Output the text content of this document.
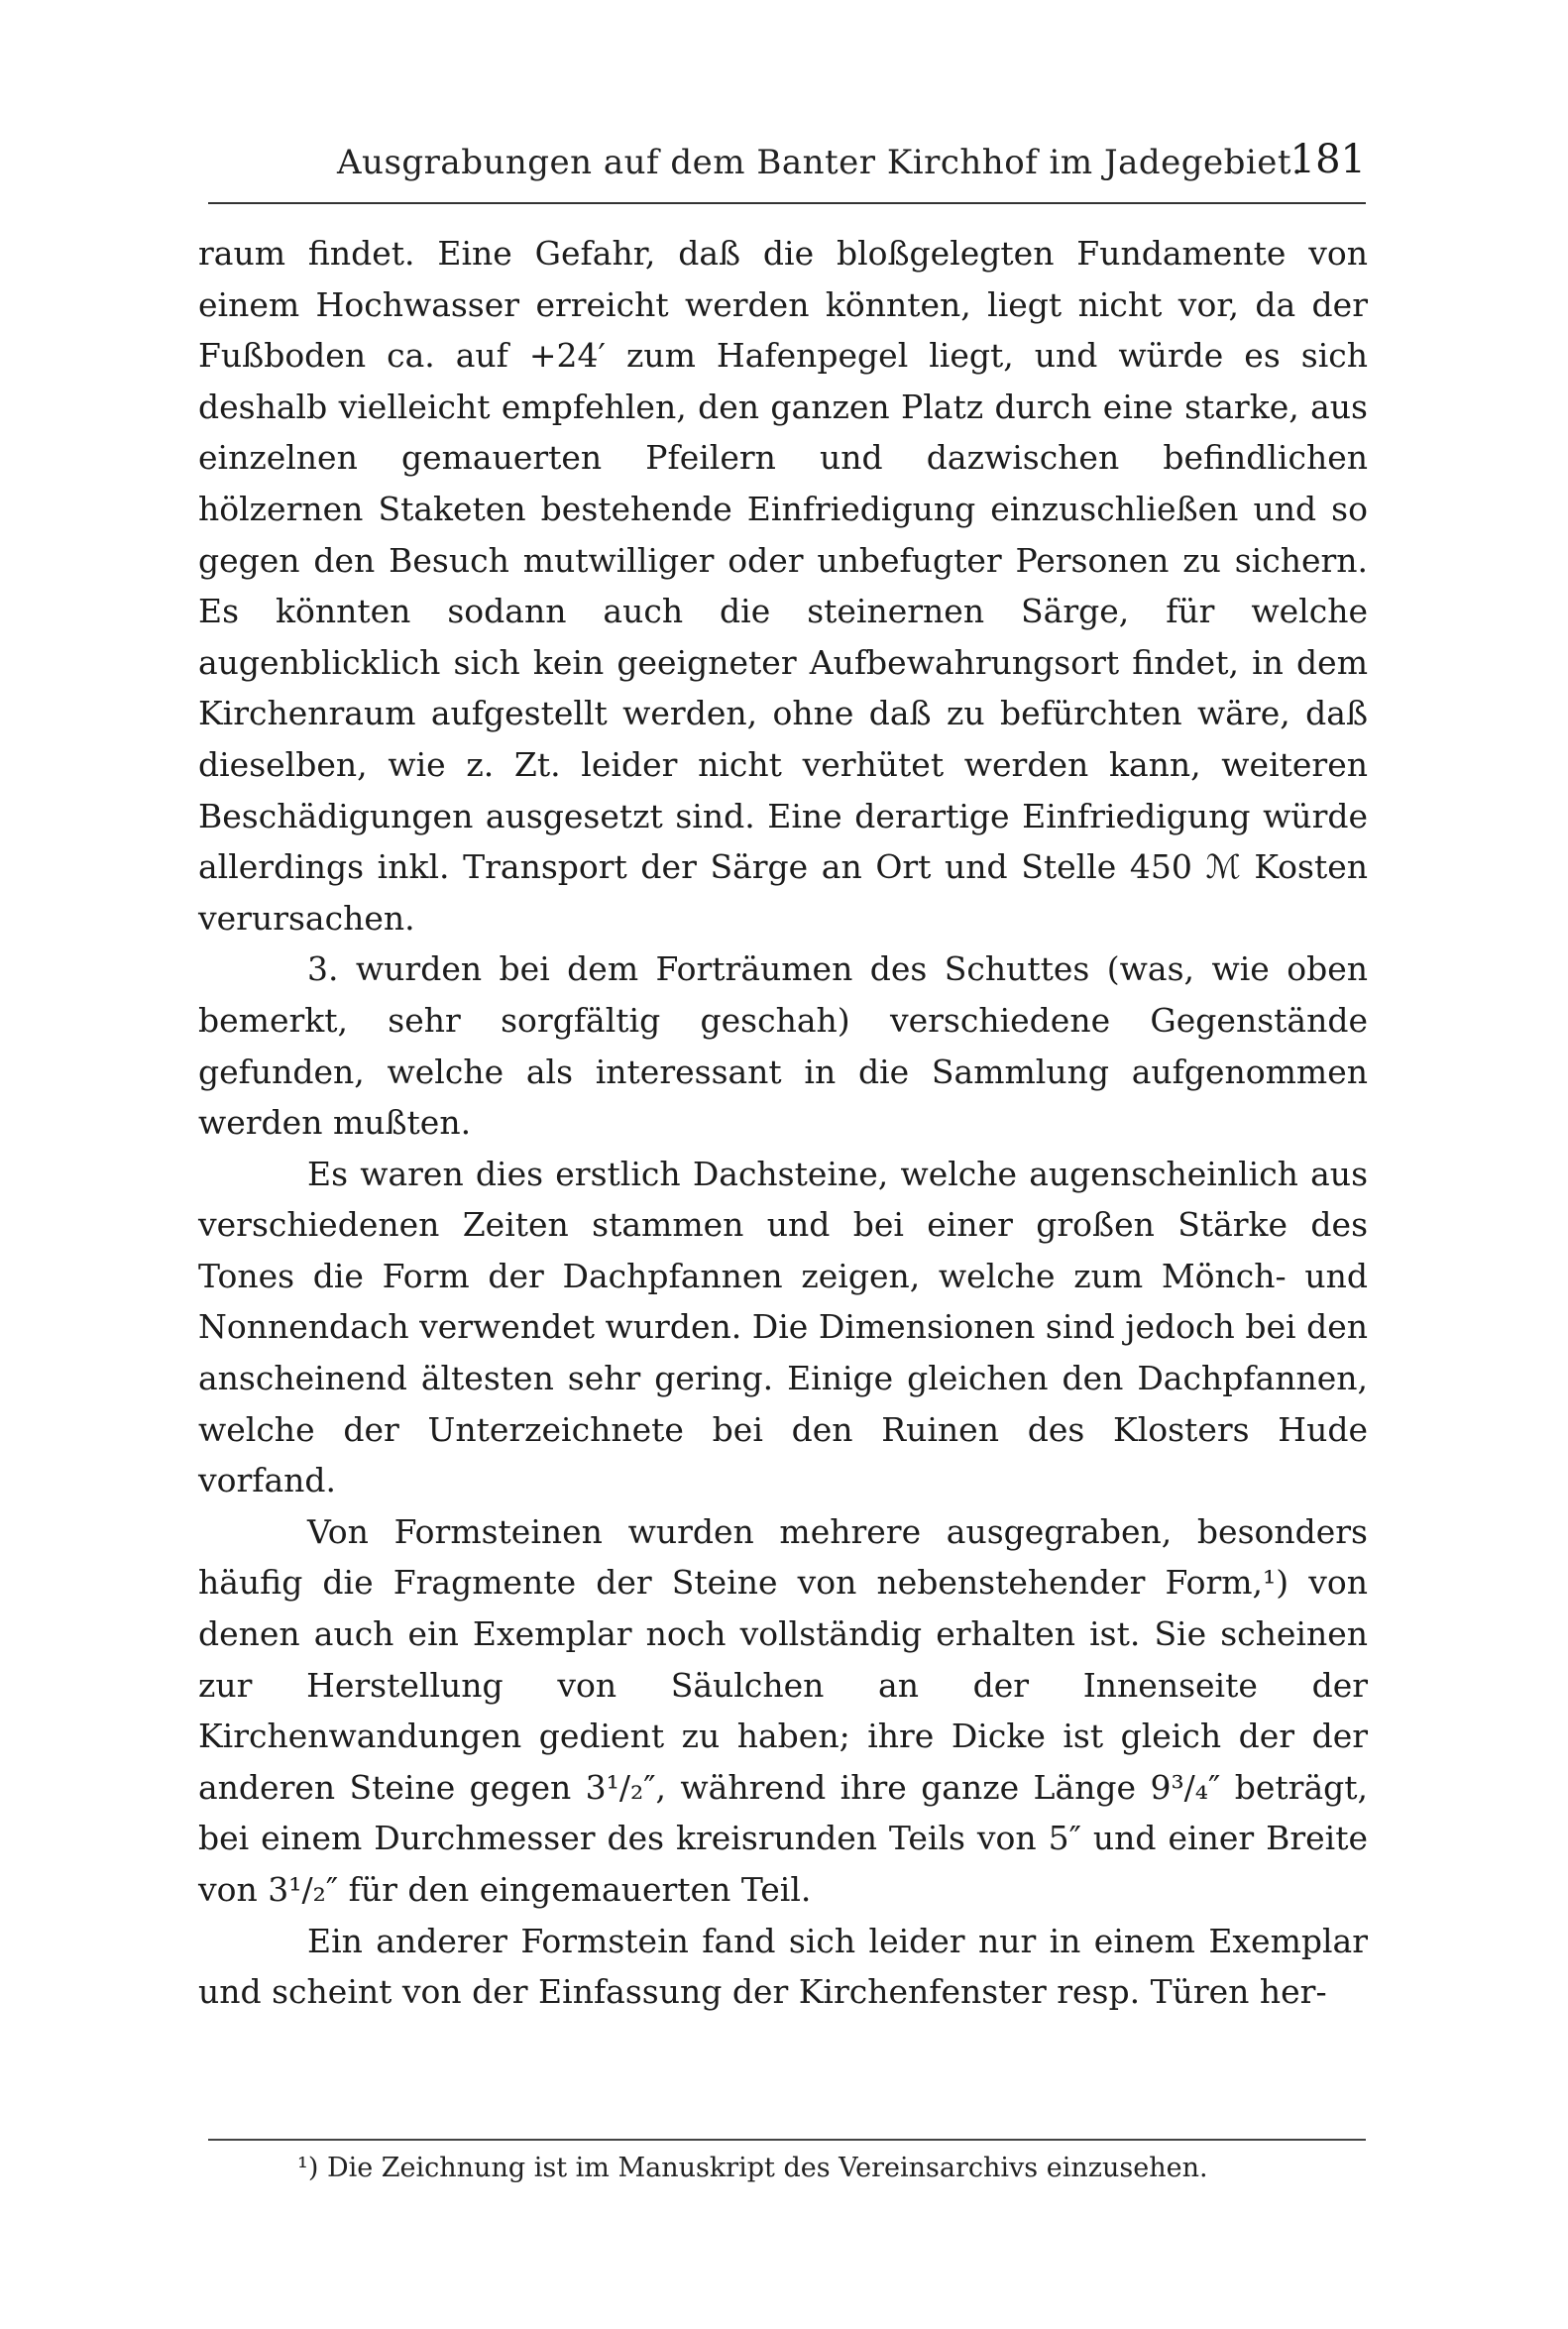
Ausgrabungen auf dem Banter Kirchhof im Jadegebiet.
181

raum findet. Eine Gefahr, daß die bloßgelegten Fundamente von einem Hochwasser erreicht werden könnten, liegt nicht vor, da der Fußboden ca. auf +24′ zum Hafenpegel liegt, und würde es sich deshalb vielleicht empfehlen, den ganzen Platz durch eine starke, aus einzelnen gemauerten Pfeilern und dazwischen befindlichen hölzernen Staketen bestehende Einfriedigung einzuschließen und so gegen den Besuch mutwilliger oder unbefugter Personen zu sichern. Es könnten sodann auch die steinernen Särge, für welche augenblicklich sich kein geeigneter Aufbewahrungsort findet, in dem Kirchenraum aufgestellt werden, ohne daß zu befürchten wäre, daß dieselben, wie z. Zt. leider nicht verhütet werden kann, weiteren Beschädigungen ausgesetzt sind. Eine derartige Einfriedigung würde allerdings inkl. Transport der Särge an Ort und Stelle 450 ℳ Kosten verursachen.

3. wurden bei dem Forträumen des Schuttes (was, wie oben bemerkt, sehr sorgfältig geschah) verschiedene Gegenstände gefunden, welche als interessant in die Sammlung aufgenommen werden mußten.

Es waren dies erstlich Dachsteine, welche augenscheinlich aus verschiedenen Zeiten stammen und bei einer großen Stärke des Tones die Form der Dachpfannen zeigen, welche zum Mönch- und Nonnendach verwendet wurden. Die Dimensionen sind jedoch bei den anscheinend ältesten sehr gering. Einige gleichen den Dachpfannen, welche der Unterzeichnete bei den Ruinen des Klosters Hude vorfand.

Von Formsteinen wurden mehrere ausgegraben, besonders häufig die Fragmente der Steine von nebenstehender Form,¹) von denen auch ein Exemplar noch vollständig erhalten ist. Sie scheinen zur Herstellung von Säulchen an der Innenseite der Kirchenwandungen gedient zu haben; ihre Dicke ist gleich der der anderen Steine gegen 3¹/₂″, während ihre ganze Länge 9³/₄″ beträgt, bei einem Durchmesser des kreisrunden Teils von 5″ und einer Breite von 3¹/₂″ für den eingemauerten Teil.

Ein anderer Formstein fand sich leider nur in einem Exemplar und scheint von der Einfassung der Kirchenfenster resp. Türen her-

¹) Die Zeichnung ist im Manuskript des Vereinsarchivs einzusehen.
